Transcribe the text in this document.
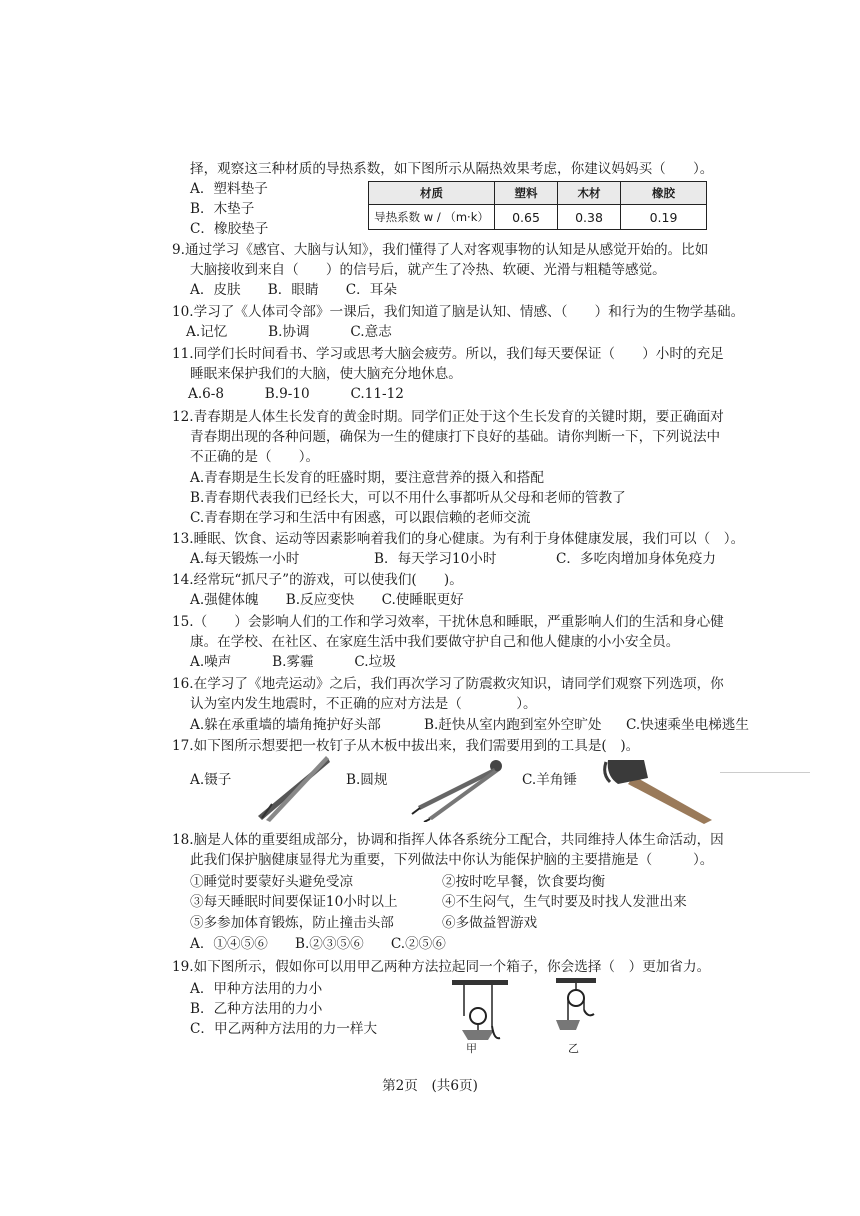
择，观察这三种材质的导热系数，如下图所示从隔热效果考虑，你建议妈妈买（　　）。
A．塑料垫子
B．木垫子
C．橡胶垫子
材质	塑料	木材	橡胶
导热系数 w / （m·k）	0.65	0.38	0.19
9.通过学习《感官、大脑与认知》，我们懂得了人对客观事物的认知是从感觉开始的。比如
大脑接收到来自（　　）的信号后，就产生了冷热、软硬、光滑与粗糙等感觉。
A．皮肤　　B．眼睛　　C．耳朵
10.学习了《人体司令部》一课后，我们知道了脑是认知、情感、（　　）和行为的生物学基础。
A.记忆　　　B.协调　　　C.意志
11.同学们长时间看书、学习或思考大脑会疲劳。所以，我们每天要保证（　　）小时的充足
睡眠来保护我们的大脑，使大脑充分地休息。
A.6-8　　　B.9-10　　　C.11-12
12.青春期是人体生长发育的黄金时期。同学们正处于这个生长发育的关键时期，要正确面对
青春期出现的各种问题，确保为一生的健康打下良好的基础。请你判断一下，下列说法中
不正确的是（　　）。
A.青春期是生长发育的旺盛时期，要注意营养的摄入和搭配
B.青春期代表我们已经长大，可以不用什么事都听从父母和老师的管教了
C.青春期在学习和生活中有困惑，可以跟信赖的老师交流
13.睡眠、饮食、运动等因素影响着我们的身心健康。为有利于身体健康发展，我们可以（　）。
A.每天锻炼一小时	B．每天学习10小时	C．多吃肉增加身体免疫力
14.经常玩“抓尺子”的游戏，可以使我们(　　)。
A.强健体魄　　B.反应变快　　C.使睡眠更好
15.（　　）会影响人们的工作和学习效率，干扰休息和睡眠，严重影响人们的生活和身心健
康。在学校、在社区、在家庭生活中我们要做守护自己和他人健康的小小安全员。
A.噪声　　　B.雾霾　　　C.垃圾
16.在学习了《地壳运动》之后，我们再次学习了防震救灾知识，请同学们观察下列选项，你
认为室内发生地震时，不正确的应对方法是（　　　　）。
A.躲在承重墙的墙角掩护好头部	B.赶快从室内跑到室外空旷处 C.快速乘坐电梯逃生
17.如下图所示想要把一枚钉子从木板中拔出来，我们需要用到的工具是(　)。
A.镊子	B.圆规	C.羊角锤
18.脑是人体的重要组成部分，协调和指挥人体各系统分工配合，共同维持人体生命活动，因
此我们保护脑健康显得尤为重要，下列做法中你认为能保护脑的主要措施是（　　　）。
①睡觉时要蒙好头避免受凉	②按时吃早餐，饮食要均衡
③每天睡眠时间要保证10小时以上	④不生闷气，生气时要及时找人发泄出来
⑤多参加体育锻炼，防止撞击头部	⑥多做益智游戏
A．①④⑤⑥　　B.②③⑤⑥　　C.②⑤⑥
19.如下图所示，假如你可以用甲乙两种方法拉起同一个箱子，你会选择（　）更加省力。
A．甲种方法用的力小
B．乙种方法用的力小
C．甲乙两种方法用的力一样大
甲	乙
第2页　(共6页)
